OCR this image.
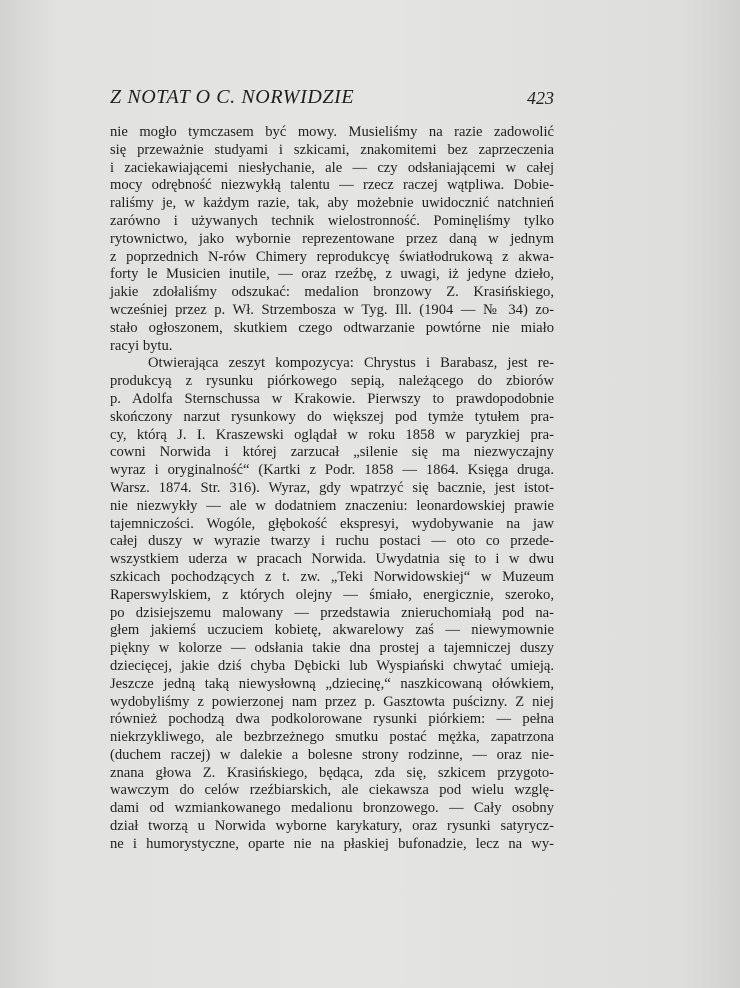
Z NOTAT O C. NORWIDZIE	423
nie mogło tymczasem być mowy. Musieliśmy na razie zadowolić
się przeważnie studyami i szkicami, znakomitemi bez zaprzeczenia
i zaciekawiającemi niesłychanie, ale — czy odsłaniającemi w całej
mocy odrębność niezwykłą talentu — rzecz raczej wątpliwa. Dobie-
raliśmy je, w każdym razie, tak, aby możebnie uwidocznić natchnień
zarówno i używanych technik wielostronność. Pominęliśmy tylko
rytownictwo, jako wybornie reprezentowane przez daną w jednym
z poprzednich N-rów Chimery reprodukcyę światłodrukową z akwa-
forty le Musicien inutile, — oraz rzeźbę, z uwagi, iż jedyne dzieło,
jakie zdołaliśmy odszukać: medalion bronzowy Z. Krasińskiego,
wcześniej przez p. Wł. Strzembosza w Tyg. Ill. (1904 — № 34) zo-
stało ogłoszonem, skutkiem czego odtwarzanie powtórne nie miało
racyi bytu.
Otwierająca zeszyt kompozycya: Chrystus i Barabasz, jest re-
produkcyą z rysunku piórkowego sepią, należącego do zbiorów
p. Adolfa Sternschussa w Krakowie. Pierwszy to prawdopodobnie
skończony narzut rysunkowy do większej pod tymże tytułem pra-
cy, którą J. I. Kraszewski oglądał w roku 1858 w paryzkiej pra-
cowni Norwida i której zarzucał „silenie się ma niezwyczajny
wyraz i oryginalność“ (Kartki z Podr. 1858 — 1864. Księga druga.
Warsz. 1874. Str. 316). Wyraz, gdy wpatrzyć się bacznie, jest istot-
nie niezwykły — ale w dodatniem znaczeniu: leonardowskiej prawie
tajemniczości. Wogóle, głębokość ekspresyi, wydobywanie na jaw
całej duszy w wyrazie twarzy i ruchu postaci — oto co przede-
wszystkiem uderza w pracach Norwida. Uwydatnia się to i w dwu
szkicach pochodzących z t. zw. „Teki Norwidowskiej“ w Muzeum
Raperswylskiem, z których olejny — śmiało, energicznie, szeroko,
po dzisiejszemu malowany — przedstawia znieruchomiałą pod na-
głem jakiemś uczuciem kobietę, akwarelowy zaś — niewymownie
piękny w kolorze — odsłania takie dna prostej a tajemniczej duszy
dziecięcej, jakie dziś chyba Dębicki lub Wyspiański chwytać umieją.
Jeszcze jedną taką niewysłowną „dziecinę,“ naszkicowaną ołówkiem,
wydobyliśmy z powierzonej nam przez p. Gasztowta puścizny. Z niej
również pochodzą dwa podkolorowane rysunki piórkiem: — pełna
niekrzykliwego, ale bezbrzeżnego smutku postać mężka, zapatrzona
(duchem raczej) w dalekie a bolesne strony rodzinne, — oraz nie-
znana głowa Z. Krasińskiego, będąca, zda się, szkicem przygoto-
wawczym do celów rzeźbiarskich, ale ciekawsza pod wielu wzglę-
dami od wzmiankowanego medalionu bronzowego. — Cały osobny
dział tworzą u Norwida wyborne karykatury, oraz rysunki satyrycz-
ne i humorystyczne, oparte nie na płaskiej bufonadzie, lecz na wy-
